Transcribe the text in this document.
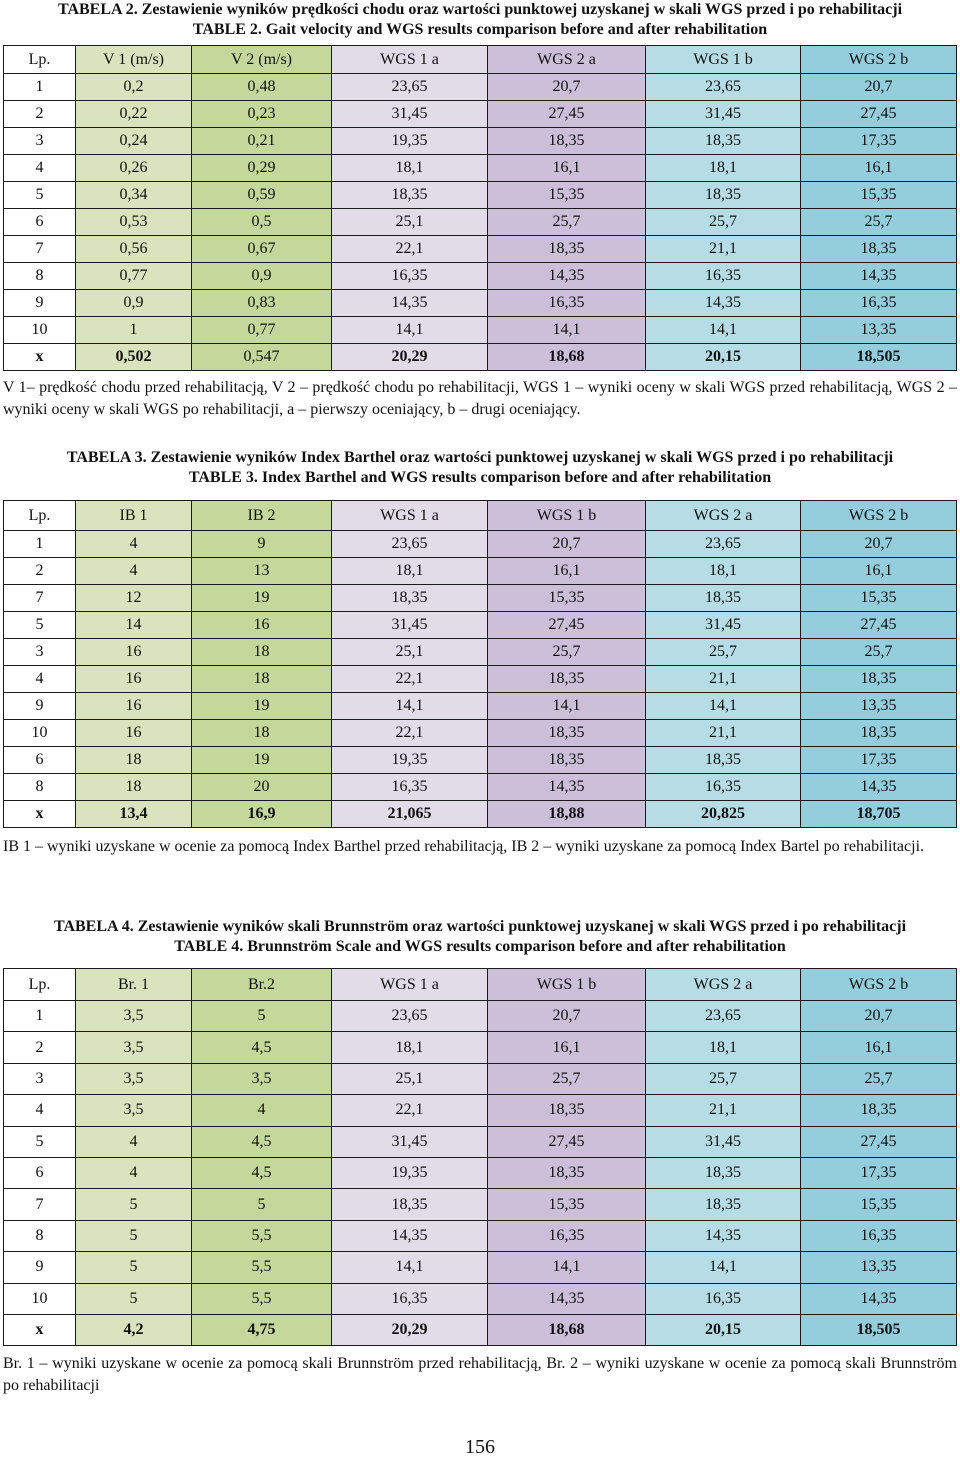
TABELA 2. Zestawienie wyników prędkości chodu oraz wartości punktowej uzyskanej w skali WGS przed i po rehabilitacji
TABLE 2. Gait velocity and WGS results comparison before and after rehabilitation
Lp.	V 1 (m/s)	V 2 (m/s)	WGS 1 a	WGS 2 a	WGS 1 b	WGS 2 b
1	0,2	0,48	23,65	20,7	23,65	20,7
2	0,22	0,23	31,45	27,45	31,45	27,45
3	0,24	0,21	19,35	18,35	18,35	17,35
4	0,26	0,29	18,1	16,1	18,1	16,1
5	0,34	0,59	18,35	15,35	18,35	15,35
6	0,53	0,5	25,1	25,7	25,7	25,7
7	0,56	0,67	22,1	18,35	21,1	18,35
8	0,77	0,9	16,35	14,35	16,35	14,35
9	0,9	0,83	14,35	16,35	14,35	16,35
10	1	0,77	14,1	14,1	14,1	13,35
x	0,502	0,547	20,29	18,68	20,15	18,505
V 1– prędkość chodu przed rehabilitacją, V 2 – prędkość chodu po rehabilitacji, WGS 1 – wyniki oceny w skali WGS przed rehabilitacją, WGS 2 – wyniki oceny w skali WGS po rehabilitacji, a – pierwszy oceniający, b – drugi oceniający.
TABELA 3. Zestawienie wyników Index Barthel oraz wartości punktowej uzyskanej w skali WGS przed i po rehabilitacji
TABLE 3. Index Barthel and WGS results comparison before and after rehabilitation
Lp.	IB 1	IB 2	WGS 1 a	WGS 1 b	WGS 2 a	WGS 2 b
1	4	9	23,65	20,7	23,65	20,7
2	4	13	18,1	16,1	18,1	16,1
7	12	19	18,35	15,35	18,35	15,35
5	14	16	31,45	27,45	31,45	27,45
3	16	18	25,1	25,7	25,7	25,7
4	16	18	22,1	18,35	21,1	18,35
9	16	19	14,1	14,1	14,1	13,35
10	16	18	22,1	18,35	21,1	18,35
6	18	19	19,35	18,35	18,35	17,35
8	18	20	16,35	14,35	16,35	14,35
x	13,4	16,9	21,065	18,88	20,825	18,705
IB 1 – wyniki uzyskane w ocenie za pomocą Index Barthel przed rehabilitacją, IB 2 – wyniki uzyskane za pomocą Index Bartel po rehabilitacji.
TABELA 4. Zestawienie wyników skali Brunnström oraz wartości punktowej uzyskanej w skali WGS przed i po rehabilitacji
TABLE 4. Brunnström Scale and WGS results comparison before and after rehabilitation
Lp.	Br. 1	Br.2	WGS 1 a	WGS 1 b	WGS 2 a	WGS 2 b
1	3,5	5	23,65	20,7	23,65	20,7
2	3,5	4,5	18,1	16,1	18,1	16,1
3	3,5	3,5	25,1	25,7	25,7	25,7
4	3,5	4	22,1	18,35	21,1	18,35
5	4	4,5	31,45	27,45	31,45	27,45
6	4	4,5	19,35	18,35	18,35	17,35
7	5	5	18,35	15,35	18,35	15,35
8	5	5,5	14,35	16,35	14,35	16,35
9	5	5,5	14,1	14,1	14,1	13,35
10	5	5,5	16,35	14,35	16,35	14,35
x	4,2	4,75	20,29	18,68	20,15	18,505
Br. 1 – wyniki uzyskane w ocenie za pomocą skali Brunnström przed rehabilitacją, Br. 2 – wyniki uzyskane w ocenie za pomocą skali Brunnström po rehabilitacji
156
